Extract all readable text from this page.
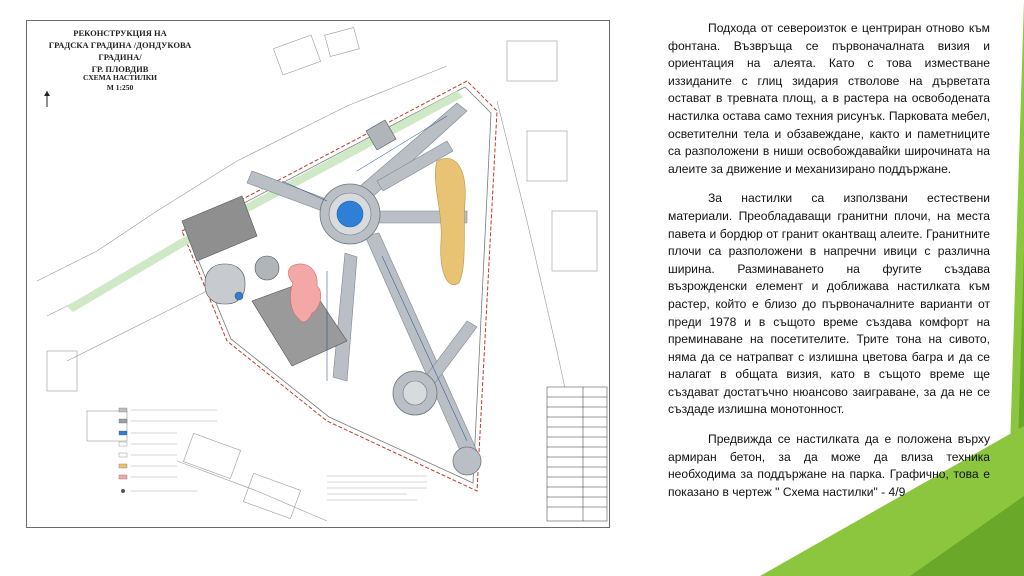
РЕКОНСТРУКЦИЯ НА
ГРАДСКА ГРАДИНА /ДОНДУКОВА ГРАДИНА/
ГР. ПЛОВДИВ
СХЕМА НАСТИЛКИ
М 1:250

Подхода от североизток е центриран отново към фонтана. Възвръща се първоначалната визия и ориентация на алеята. Като с това изместване иззиданите с глиц зидария стволове на дърветата остават в тревната площ, а в растера на освободената настилка остава само техния рисунък. Парковата мебел, осветителни тела и обзавеждане, както и паметниците са разположени в ниши освобождавайки широчината на алеите за движение и механизирано поддържане.

За настилки са използвани естествени материали. Преобладаващи гранитни плочи, на места павета и бордюр от гранит окантващ алеите. Гранитните плочи са разположени в напречни ивици с различна ширина. Разминаването на фугите създава възрожденски елемент и доближава настилката към растер, който е близо до първоначалните варианти от преди 1978 и в същото време създава комфорт на преминаване на посетителите. Трите тона на сивото, няма да се натрапват с излишна цветова багра и да се налагат в общата визия, като в същото време ще създават достатъчно нюансово заиграване, за да не се създаде излишна монотонност.

Предвижда се настилката да е положена върху армиран бетон, за да може да влиза техника необходима за поддържане на парка. Графично, това е показано в чертеж " Схема настилки" - 4/9
